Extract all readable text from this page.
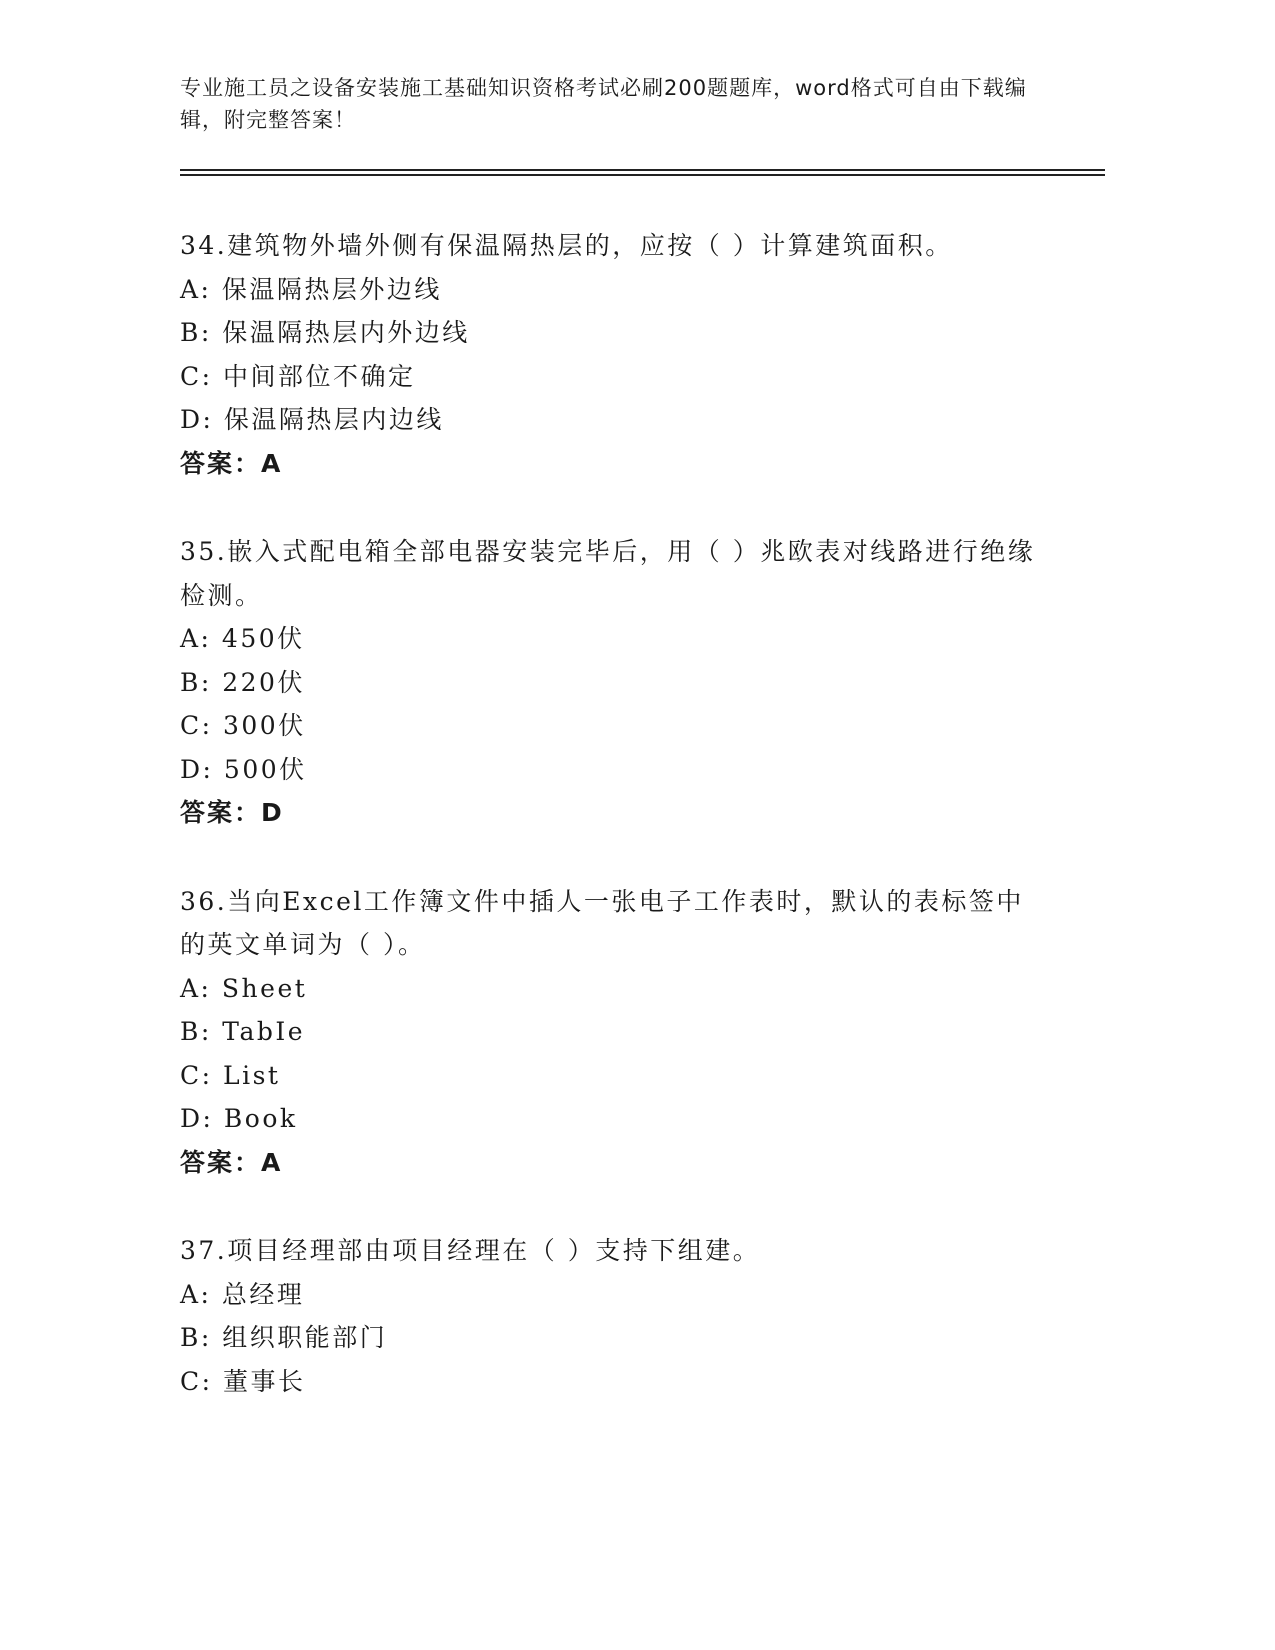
专业施工员之设备安装施工基础知识资格考试必刷200题题库，word格式可自由下载编辑，附完整答案！
34.建筑物外墙外侧有保温隔热层的，应按（ ）计算建筑面积。
A: 保温隔热层外边线
B: 保温隔热层内外边线
C: 中间部位不确定
D: 保温隔热层内边线
答案：A
35.嵌入式配电箱全部电器安装完毕后，用（ ）兆欧表对线路进行绝缘检测。
A: 450伏
B: 220伏
C: 300伏
D: 500伏
答案：D
36.当向Excel工作簿文件中插人一张电子工作表时，默认的表标签中的英文单词为（ ）。
A: Sheet
B: TabIe
C: List
D: Book
答案：A
37.项目经理部由项目经理在（ ）支持下组建。
A: 总经理
B: 组织职能部门
C: 董事长
